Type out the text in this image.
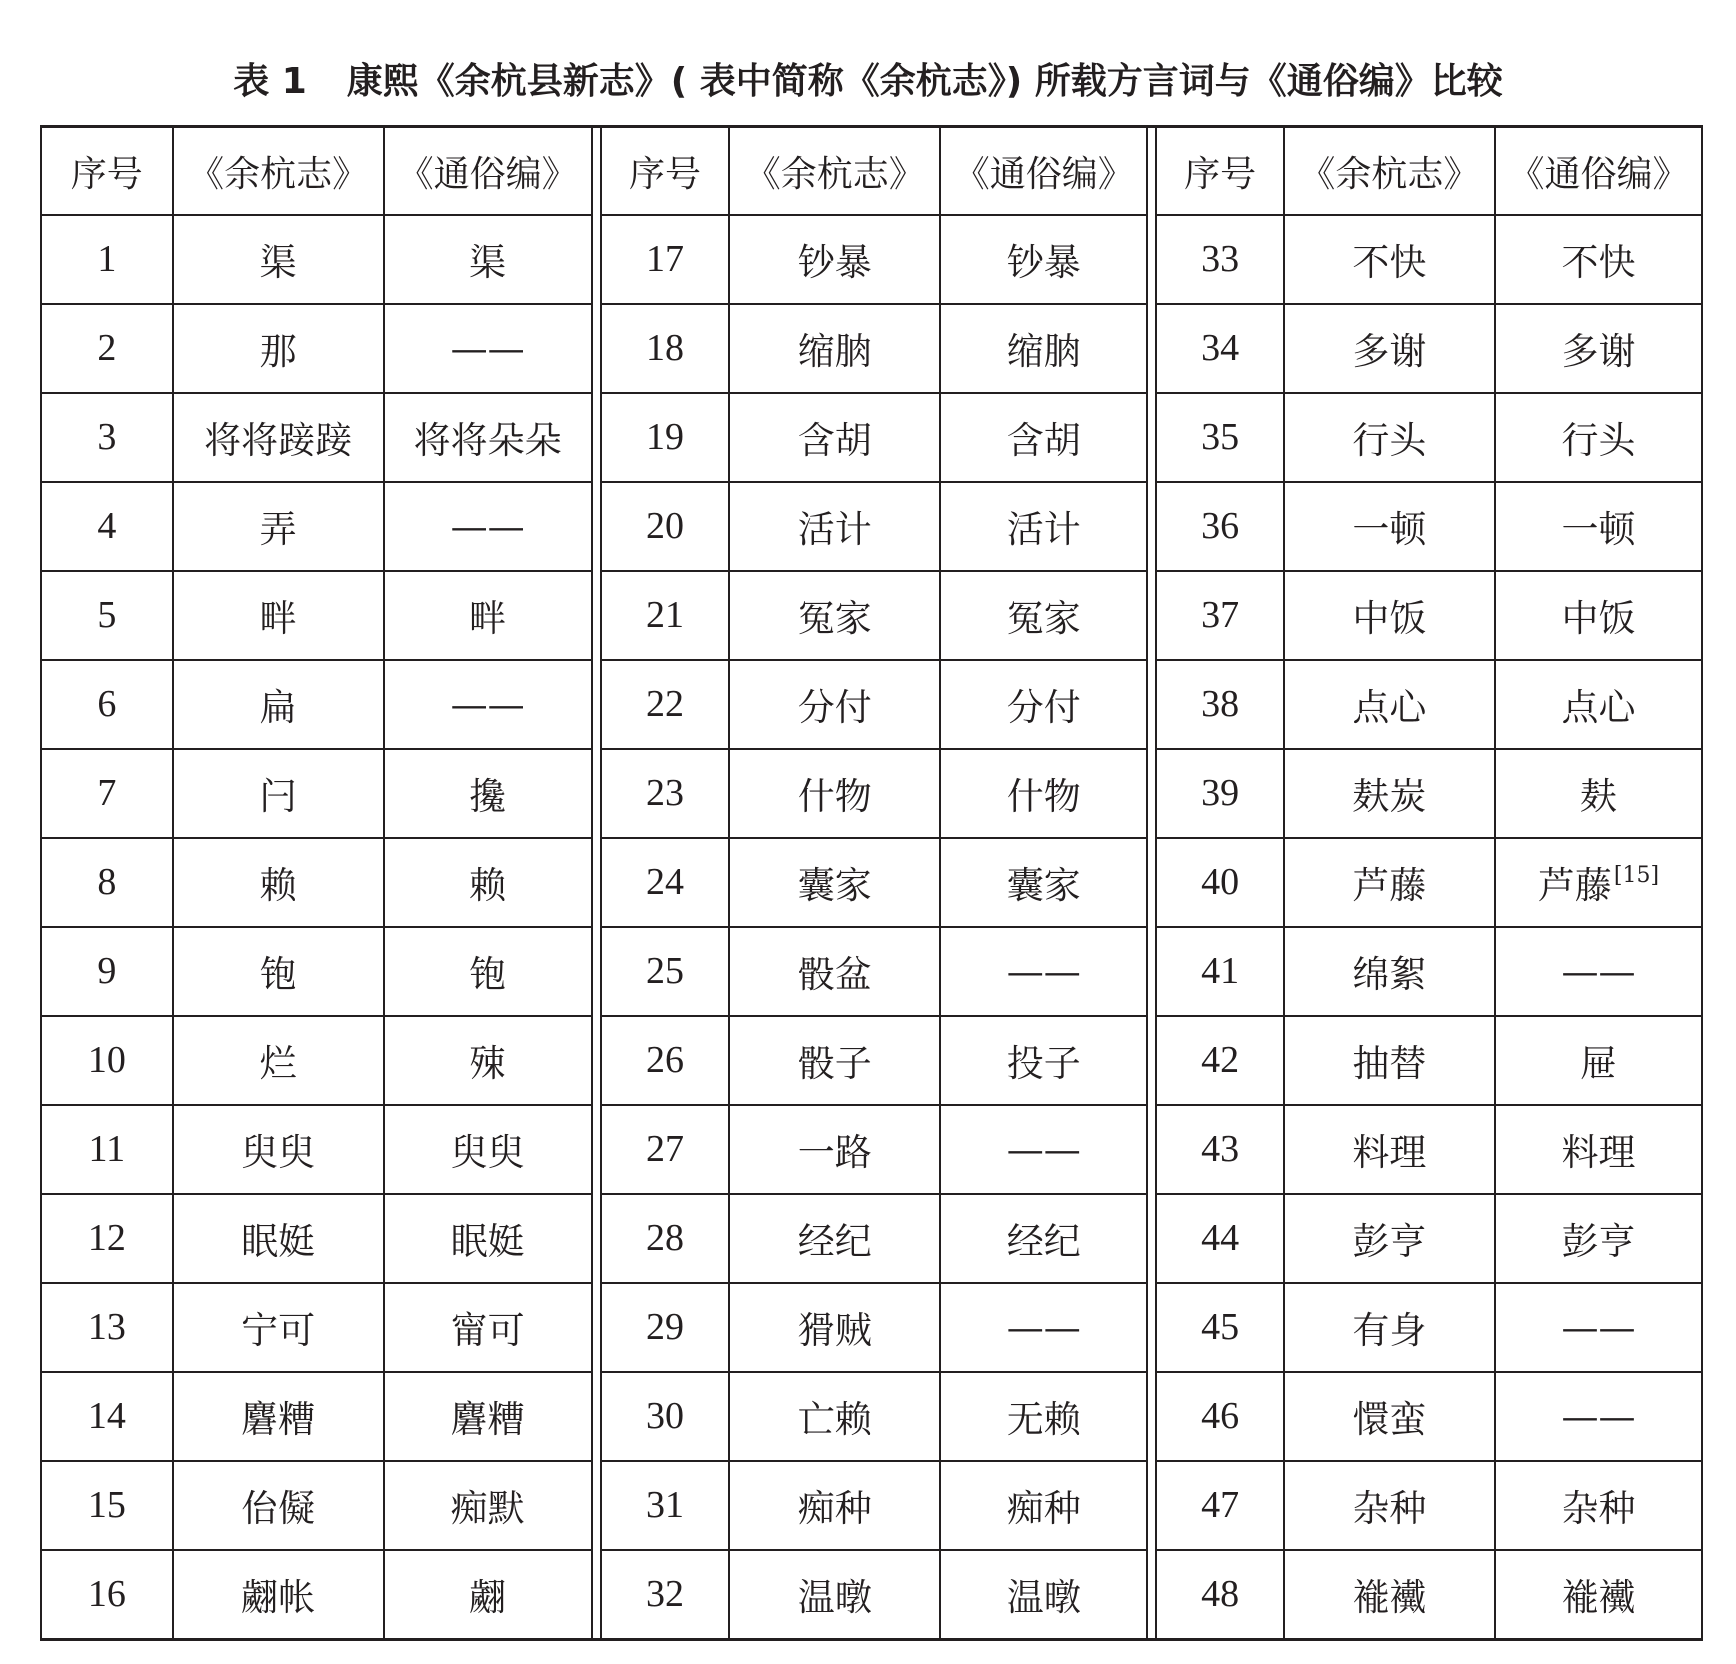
表 1 康熙《余杭县新志》( 表中简称《余杭志》) 所载方言词与《通俗编》比较
序号	《余杭志》	《通俗编》		序号	《余杭志》	《通俗编》		序号	《余杭志》	《通俗编》
1	渠	渠		17	钞暴	钞暴		33	不快	不快
2	那	——		18	缩朒	缩朒		34	多谢	多谢
3	将将踥踥	将将朵朵		19	含胡	含胡		35	行头	行头
4	弄	——		20	活计	活计		36	一顿	一顿
5	畔	畔		21	冤家	冤家		37	中饭	中饭
6	扁	——		22	分付	分付		38	点心	点心
7	闩	攙		23	什物	什物		39	麸炭	麸
8	赖	赖		24	囊家	囊家		40	芦藤	芦藤[15]
9	铇	铇		25	骰盆	——		41	绵絮	——
10	烂	殐		26	骰子	投子		42	抽替	屉
11	臾臾	臾臾		27	一路	——		43	料理	料理
12	眠娗	眠娗		28	经纪	经纪		44	彭亨	彭亨
13	宁可	甯可		29	猾贼	——		45	有身	——
14	麏糟	麏糟		30	亡赖	无赖		46	懁蛮	——
15	佁儗	痴默		31	痴种	痴种		47	杂种	杂种
16	翽帐	翽		32	温暾	温暾		48	褦襶	褦襶
